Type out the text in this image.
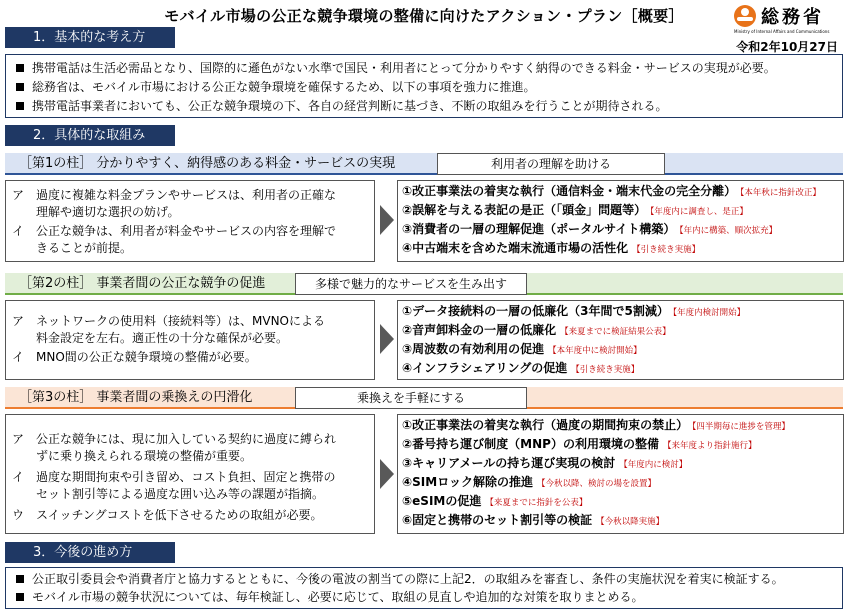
モバイル市場の公正な競争環境の整備に向けたアクション・プラン［概要］	総務省
Ministry of Internal Affairs and Communications
令和2年10月27日
1．基本的な考え方
携帯電話は生活必需品となり、国際的に遜色がない水準で国民・利用者にとって分かりやすく納得のできる料金・サービスの実現が必要。
総務省は、モバイル市場における公正な競争環境を確保するため、以下の事項を強力に推進。
携帯電話事業者においても、公正な競争環境の下、各自の経営判断に基づき、不断の取組みを行うことが期待される。
2．具体的な取組み
［第1の柱］ 分かりやすく、納得感のある料金・サービスの実現	利用者の理解を助ける
ア 過度に複雑な料金プランやサービスは、利用者の正確な
理解や適切な選択の妨げ。
イ 公正な競争は、利用者が料金やサービスの内容を理解で
きることが前提。
①改正事業法の着実な執行（通信料金・端末代金の完全分離） 【本年秋に指針改正】
②誤解を与える表記の是正（「頭金」問題等） 【年度内に調査し、是正】
③消費者の一層の理解促進（ポータルサイト構築） 【年内に構築、順次拡充】
④中古端末を含めた端末流通市場の活性化 【引き続き実施】
［第2の柱］ 事業者間の公正な競争の促進	多様で魅力的なサービスを生み出す
ア ネットワークの使用料（接続料等）は、MVNOによる
料金設定を左右。適正性の十分な確保が必要。
イ MNO間の公正な競争環境の整備が必要。
①データ接続料の一層の低廉化（3年間で5割減） 【年度内検討開始】
②音声卸料金の一層の低廉化 【来夏までに検証結果公表】
③周波数の有効利用の促進 【本年度中に検討開始】
④インフラシェアリングの促進 【引き続き実施】
［第3の柱］ 事業者間の乗換えの円滑化	乗換えを手軽にする
ア 公正な競争には、現に加入している契約に過度に縛られ
ずに乗り換えられる環境の整備が重要。
イ 過度な期間拘束や引き留め、コスト負担、固定と携帯の
セット割引等による過度な囲い込み等の課題が指摘。
ウ スイッチングコストを低下させるための取組が必要。
①改正事業法の着実な執行（過度の期間拘束の禁止） 【四半期毎に進捗を管理】
②番号持ち運び制度（MNP）の利用環境の整備 【来年度より指針施行】
③キャリアメールの持ち運び実現の検討 【年度内に検討】
④SIMロック解除の推進 【今秋以降、検討の場を設置】
⑤eSIMの促進 【来夏までに指針を公表】
⑥固定と携帯のセット割引等の検証 【今秋以降実施】
3．今後の進め方
公正取引委員会や消費者庁と協力するとともに、今後の電波の割当ての際に上記2．の取組みを審査し、条件の実施状況を着実に検証する。
モバイル市場の競争状況については、毎年検証し、必要に応じて、取組の見直しや追加的な対策を取りまとめる。
